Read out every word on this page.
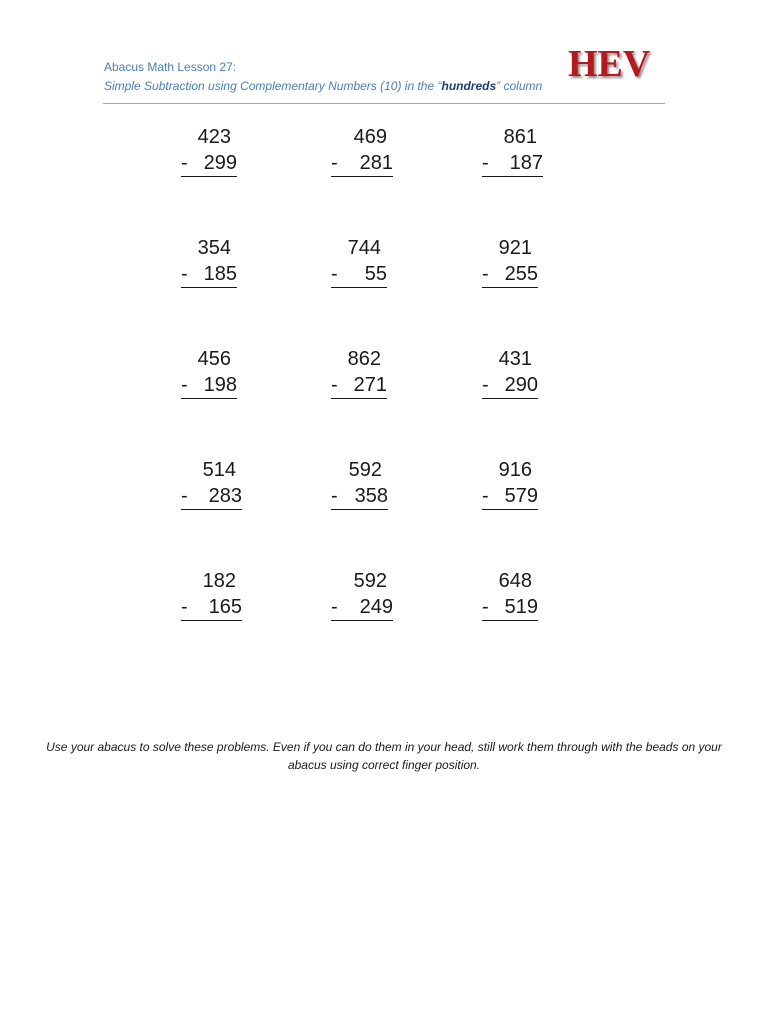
Abacus Math Lesson 27:
Simple Subtraction using Complementary Numbers (10) in the “hundreds” column
HEV
423
- 299
469
- 281
861
- 187
354
- 185
744
- 55
921
- 255
456
- 198
862
- 271
431
- 290
514
- 283
592
- 358
916
- 579
182
- 165
592
- 249
648
- 519
Use your abacus to solve these problems. Even if you can do them in your head, still work them through with the beads on your abacus using correct finger position.
